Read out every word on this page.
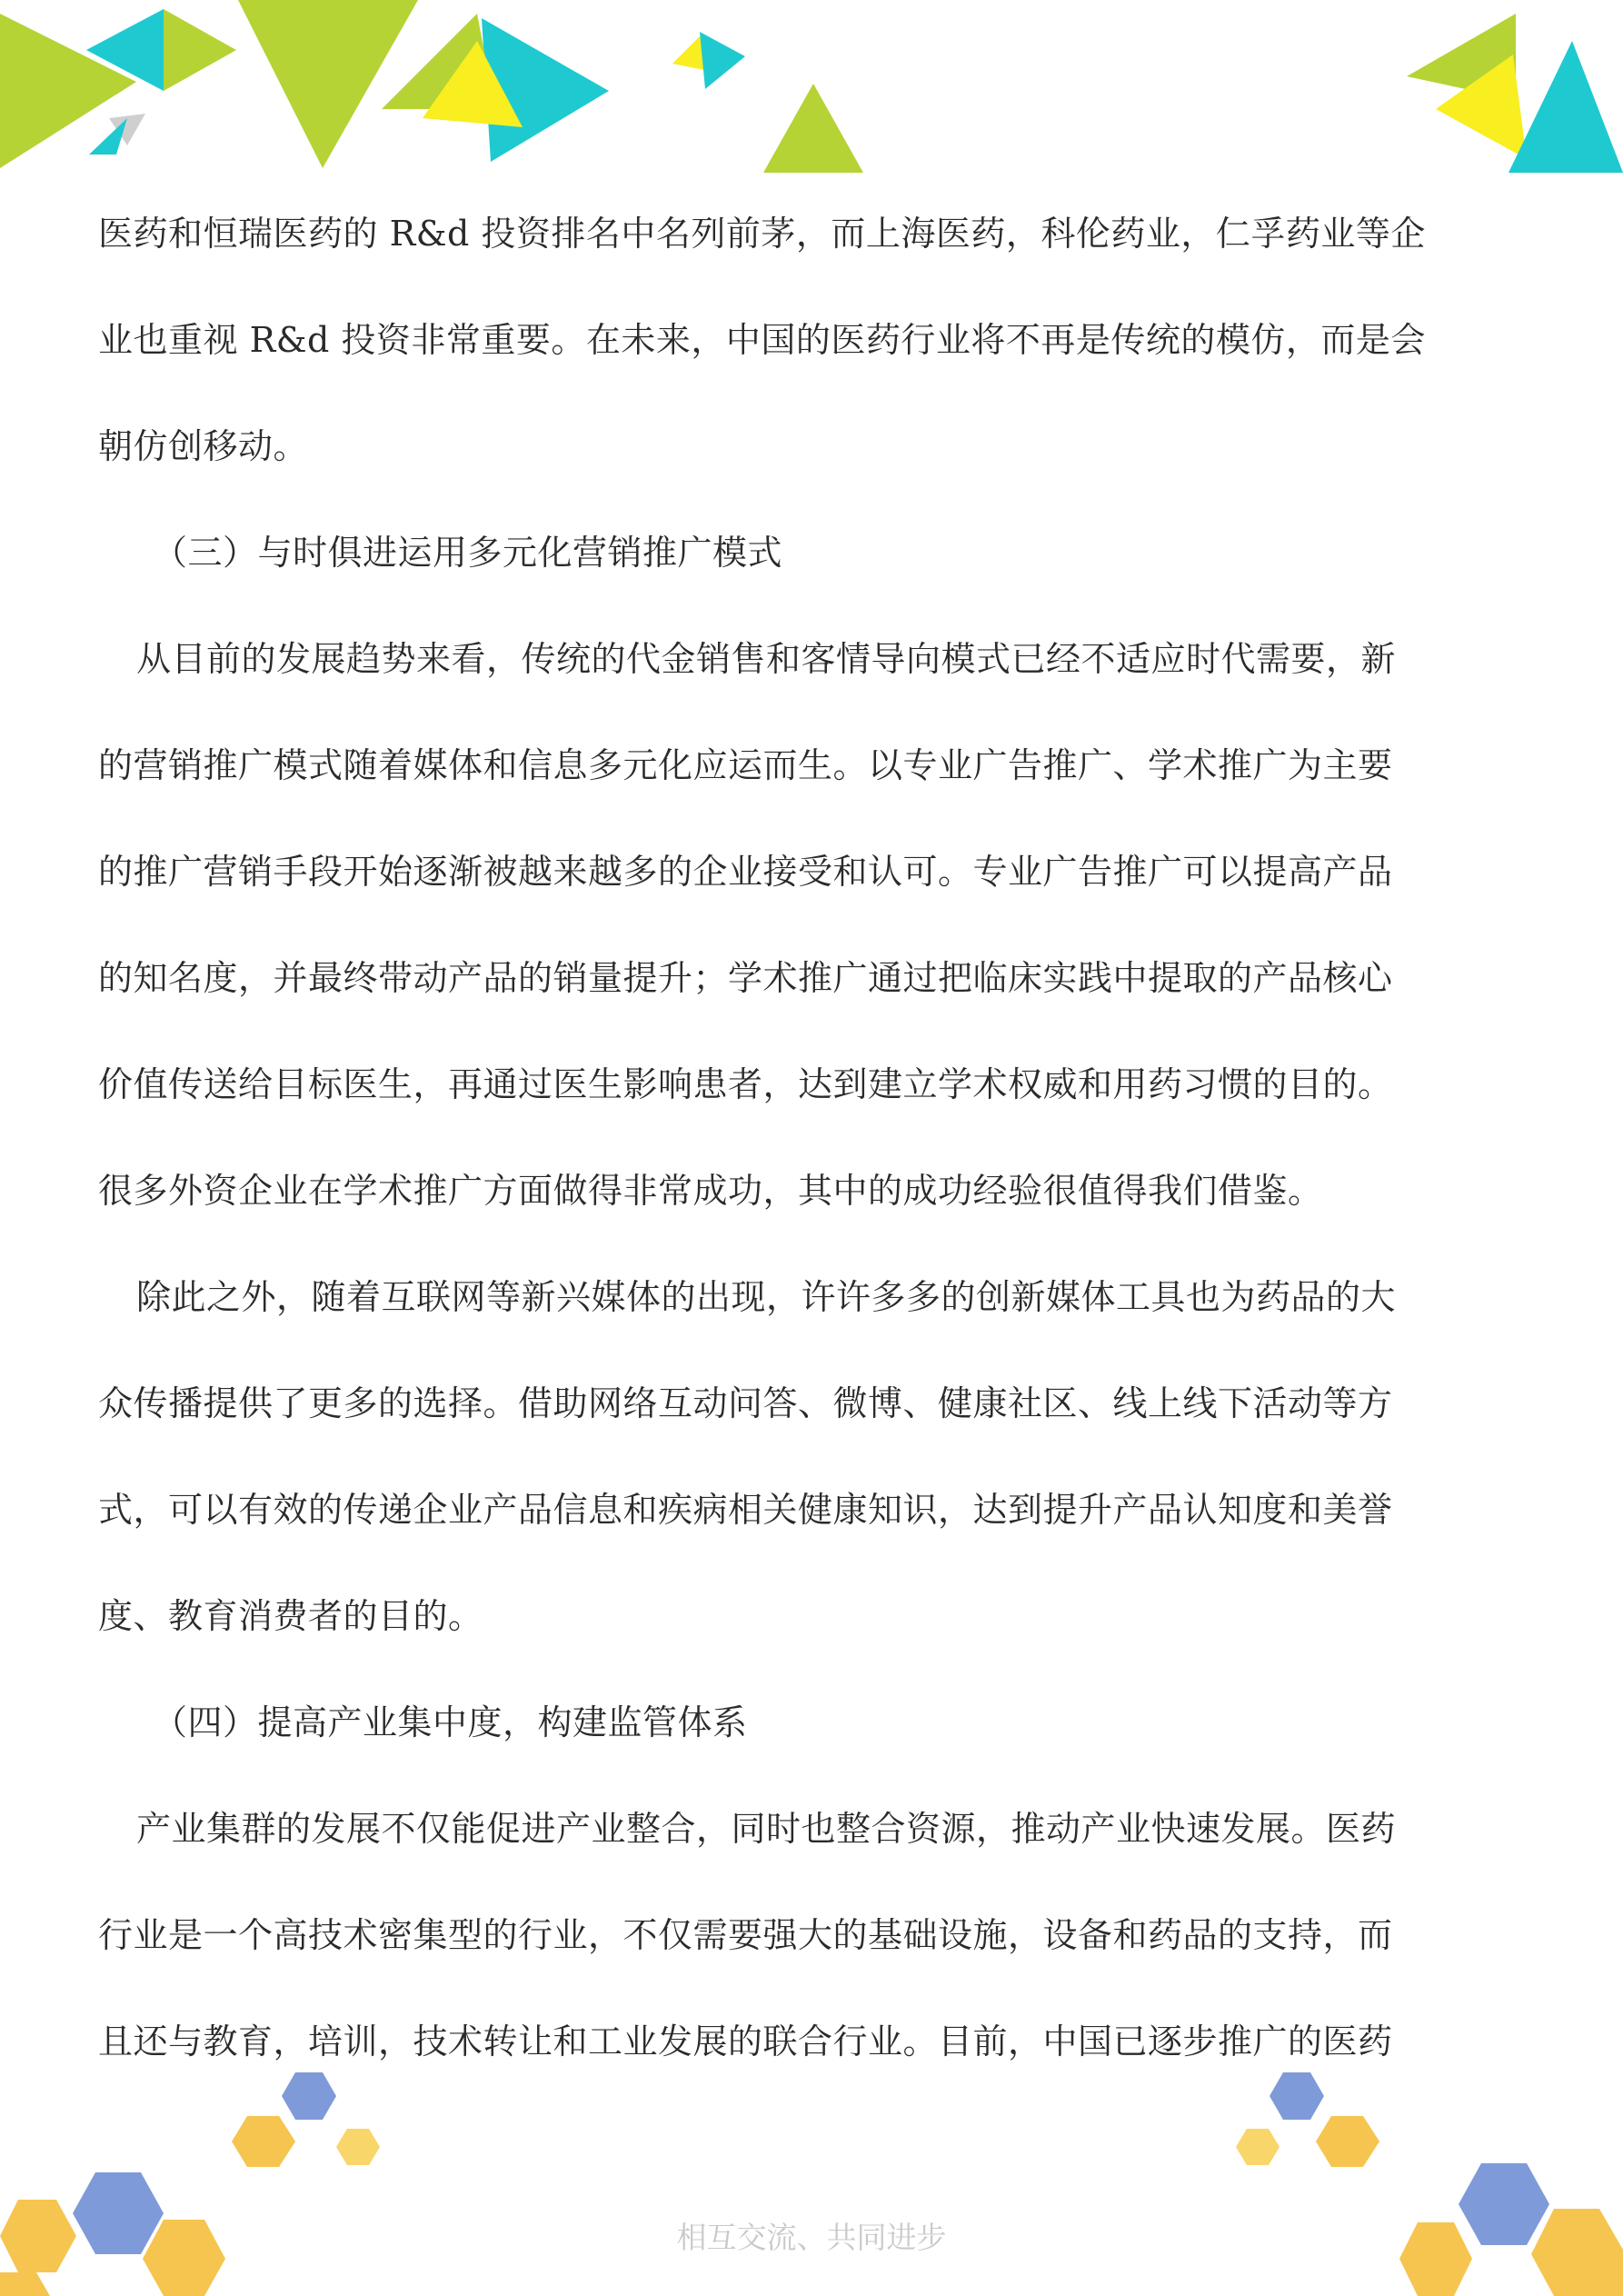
医药和恒瑞医药的 R&d 投资排名中名列前茅，而上海医药，科伦药业，仁孚药业等企
业也重视 R&d 投资非常重要。在未来，中国的医药行业将不再是传统的模仿，而是会
朝仿创移动。
（三）与时俱进运用多元化营销推广模式
从目前的发展趋势来看，传统的代金销售和客情导向模式已经不适应时代需要，新
的营销推广模式随着媒体和信息多元化应运而生。以专业广告推广、学术推广为主要
的推广营销手段开始逐渐被越来越多的企业接受和认可。专业广告推广可以提高产品
的知名度，并最终带动产品的销量提升；学术推广通过把临床实践中提取的产品核心
价值传送给目标医生，再通过医生影响患者，达到建立学术权威和用药习惯的目的。
很多外资企业在学术推广方面做得非常成功，其中的成功经验很值得我们借鉴。
除此之外，随着互联网等新兴媒体的出现，许许多多的创新媒体工具也为药品的大
众传播提供了更多的选择。借助网络互动问答、微博、健康社区、线上线下活动等方
式，可以有效的传递企业产品信息和疾病相关健康知识，达到提升产品认知度和美誉
度、教育消费者的目的。
（四）提高产业集中度，构建监管体系
产业集群的发展不仅能促进产业整合，同时也整合资源，推动产业快速发展。医药
行业是一个高技术密集型的行业，不仅需要强大的基础设施，设备和药品的支持，而
且还与教育，培训，技术转让和工业发展的联合行业。目前，中国已逐步推广的医药
相互交流、共同进步
